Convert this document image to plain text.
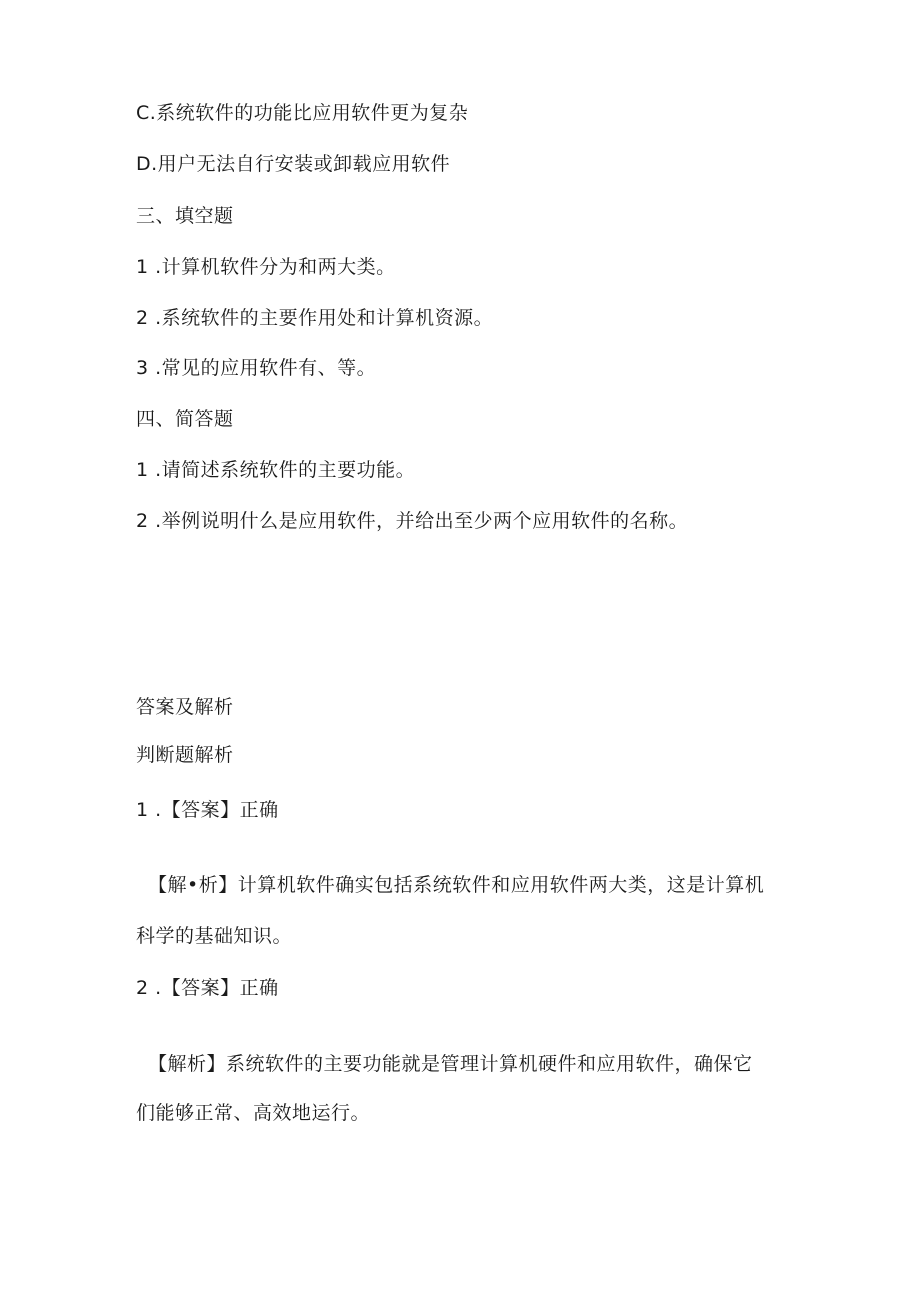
C.系统软件的功能比应用软件更为复杂
D.用户无法自行安装或卸载应用软件
三、填空题
1 .计算机软件分为和两大类。
2 .系统软件的主要作用处和计算机资源。
3 .常见的应用软件有、等。
四、简答题
1 .请简述系统软件的主要功能。
2 .举例说明什么是应用软件，并给出至少两个应用软件的名称。
答案及解析
判断题解析
1 .【答案】正确
【解•析】计算机软件确实包括系统软件和应用软件两大类，这是计算机
科学的基础知识。
2 .【答案】正确
【解析】系统软件的主要功能就是管理计算机硬件和应用软件，确保它
们能够正常、高效地运行。
